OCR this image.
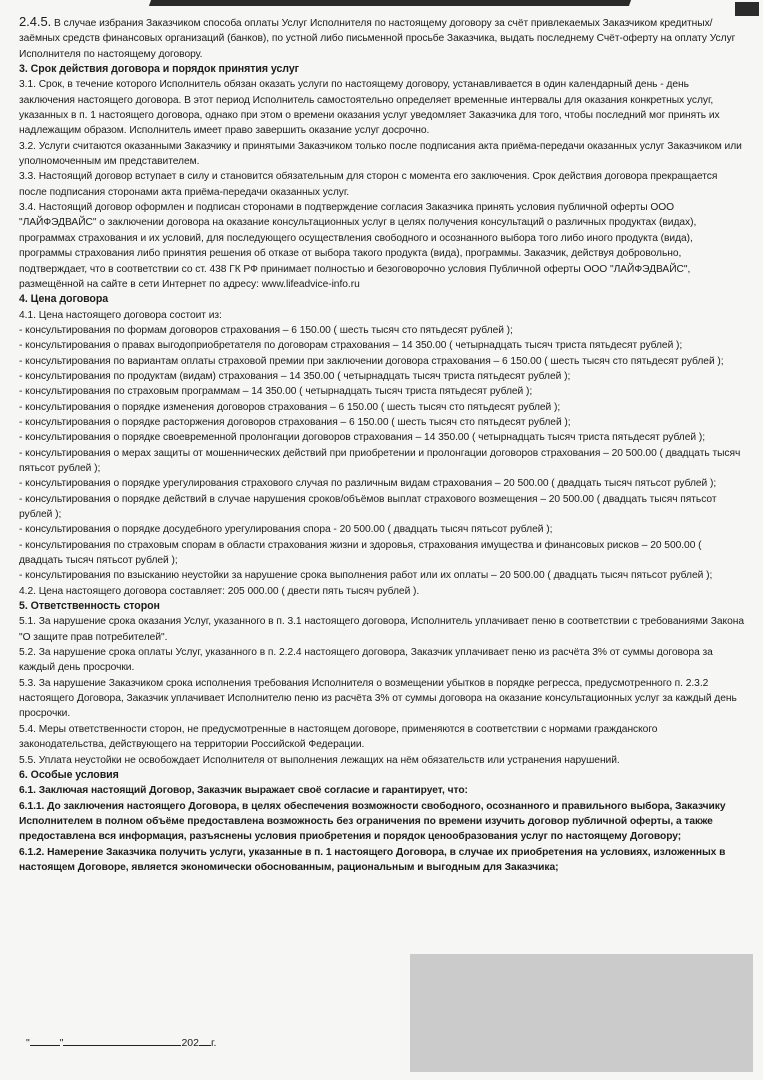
2.4.5. В случае избрания Заказчиком способа оплаты Услуг Исполнителя по настоящему договору за счёт привлекаемых Заказчиком кредитных/заёмных средств финансовых организаций (банков), по устной либо письменной просьбе Заказчика, выдать последнему Счёт-оферту на оплату Услуг Исполнителя по настоящему договору.

3. Срок действия договора и порядок принятия услуг

3.1. Срок, в течение которого Исполнитель обязан оказать услуги по настоящему договору, устанавливается в один календарный день - день заключения настоящего договора. В этот период Исполнитель самостоятельно определяет временные интервалы для оказания конкретных услуг, указанных в п. 1 настоящего договора, однако при этом о времени оказания услуг уведомляет Заказчика для того, чтобы последний мог принять их надлежащим образом. Исполнитель имеет право завершить оказание услуг досрочно.

3.2. Услуги считаются оказанными Заказчику и принятыми Заказчиком только после подписания акта приёма-передачи оказанных услуг Заказчиком или уполномоченным им представителем.

3.3. Настоящий договор вступает в силу и становится обязательным для сторон с момента его заключения. Срок действия договора прекращается после подписания сторонами акта приёма-передачи оказанных услуг.

3.4. Настоящий договор оформлен и подписан сторонами в подтверждение согласия Заказчика принять условия публичной оферты ООО "ЛАЙФЭДВАЙС" о заключении договора на оказание консультационных услуг в целях получения консультаций о различных продуктах (видах), программах страхования и их условий, для последующего осуществления свободного и осознанного выбора того либо иного продукта (вида), программы страхования либо принятия решения об отказе от выбора такого продукта (вида), программы. Заказчик, действуя добровольно, подтверждает, что в соответствии со ст. 438 ГК РФ принимает полностью и безоговорочно условия Публичной оферты ООО "ЛАЙФЭДВАЙС", размещённой на сайте в сети Интернет по адресу: www.lifeadvice-info.ru

4. Цена договора

4.1. Цена настоящего договора состоит из:

- консультирования по формам договоров страхования – 6 150.00 ( шесть тысяч сто пятьдесят рублей );

- консультирования о правах выгодоприобретателя по договорам страхования – 14 350.00 ( четырнадцать тысяч триста пятьдесят рублей );

- консультирования по вариантам оплаты страховой премии при заключении договора страхования – 6 150.00 ( шесть тысяч сто пятьдесят рублей );

- консультирования по продуктам (видам) страхования – 14 350.00 ( четырнадцать тысяч триста пятьдесят рублей );

- консультирования по страховым программам – 14 350.00 ( четырнадцать тысяч триста пятьдесят рублей );

- консультирования о порядке изменения договоров страхования – 6 150.00 ( шесть тысяч сто пятьдесят рублей );

- консультирования о порядке расторжения договоров страхования – 6 150.00 ( шесть тысяч сто пятьдесят рублей );

- консультирования о порядке своевременной пролонгации договоров страхования – 14 350.00 ( четырнадцать тысяч триста пятьдесят рублей );

- консультирования о мерах защиты от мошеннических действий при приобретении и пролонгации договоров страхования – 20 500.00 ( двадцать тысяч пятьсот рублей );

- консультирования о порядке урегулирования страхового случая по различным видам страхования – 20 500.00 ( двадцать тысяч пятьсот рублей );

- консультирования о порядке действий в случае нарушения сроков/объёмов выплат страхового возмещения – 20 500.00 ( двадцать тысяч пятьсот рублей );

- консультирования о порядке досудебного урегулирования спора - 20 500.00 ( двадцать тысяч пятьсот рублей );

- консультирования по страховым спорам в области страхования жизни и здоровья, страхования имущества и финансовых рисков – 20 500.00 ( двадцать тысяч пятьсот рублей );

- консультирования по взысканию неустойки за нарушение срока выполнения работ или их оплаты – 20 500.00 ( двадцать тысяч пятьсот рублей );

4.2. Цена настоящего договора составляет: 205 000.00 ( двести пять тысяч рублей ).

5. Ответственность сторон

5.1. За нарушение срока оказания Услуг, указанного в п. 3.1 настоящего договора, Исполнитель уплачивает пеню в соответствии с требованиями Закона "О защите прав потребителей".

5.2. За нарушение срока оплаты Услуг, указанного в п. 2.2.4 настоящего договора, Заказчик уплачивает пеню из расчёта 3% от суммы договора за каждый день просрочки.

5.3. За нарушение Заказчиком срока исполнения требования Исполнителя о возмещении убытков в порядке регресса, предусмотренного п. 2.3.2 настоящего Договора, Заказчик уплачивает Исполнителю пеню из расчёта 3% от суммы договора на оказание консультационных услуг за каждый день просрочки.

5.4. Меры ответственности сторон, не предусмотренные в настоящем договоре, применяются в соответствии с нормами гражданского законодательства, действующего на территории Российской Федерации.

5.5. Уплата неустойки не освобождает Исполнителя от выполнения лежащих на нём обязательств или устранения нарушений.

6. Особые условия

6.1. Заключая настоящий Договор, Заказчик выражает своё согласие и гарантирует, что:

6.1.1. До заключения настоящего Договора, в целях обеспечения возможности свободного, осознанного и правильного выбора, Заказчику Исполнителем в полном объёме предоставлена возможность без ограничения по времени изучить договор публичной оферты, а также предоставлена вся информация, разъяснены условия приобретения и порядок ценообразования услуг по настоящему Договору;

6.1.2. Намерение Заказчика получить услуги, указанные в п. 1 настоящего Договора, в случае их приобретения на условиях, изложенных в настоящем Договоре, является экономически обоснованным, рациональным и выгодным для Заказчика;

"	"	202 г.
